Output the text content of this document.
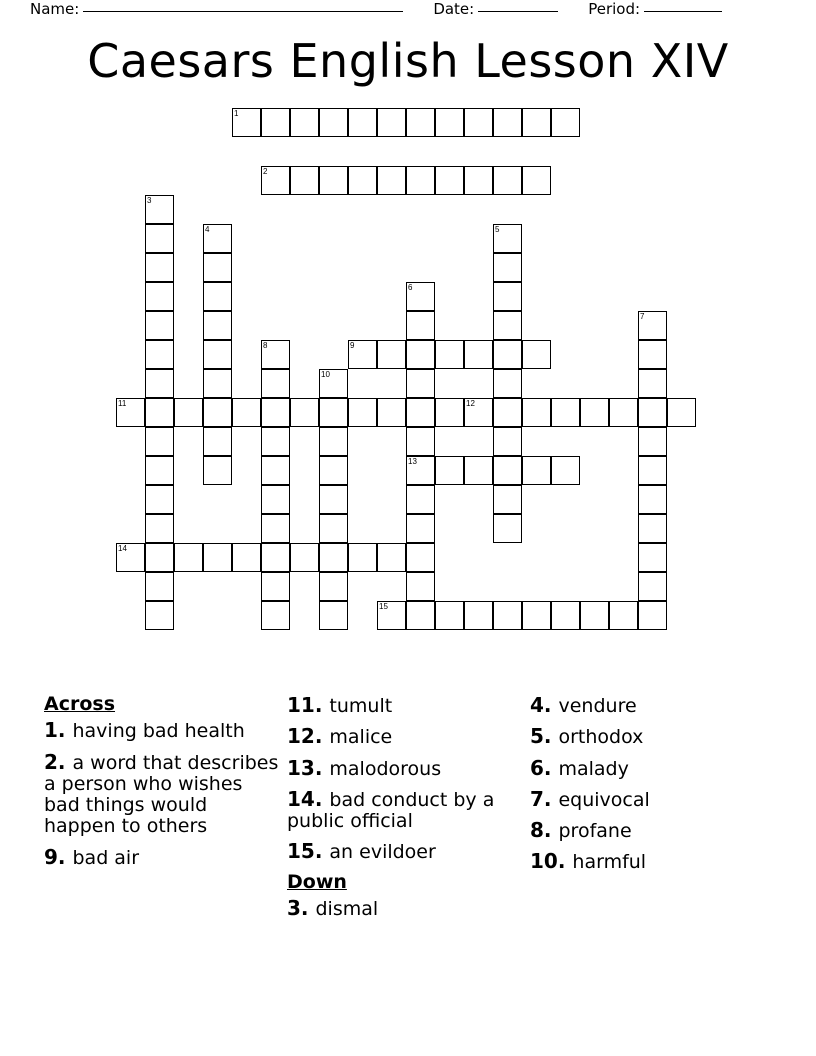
Name:	Date:	Period:
Caesars English Lesson XIV
1
2
3
4	5
6
13
7
8	9
10
11	12
14
15
Across
1. having bad health
2. a word that describes a person who wishes bad things would happen to others
9. bad air
11. tumult
12. malice
13. malodorous
14. bad conduct by a public official
15. an evildoer
Down
3. dismal
4. vendure
5. orthodox
6. malady
7. equivocal
8. profane
10. harmful
